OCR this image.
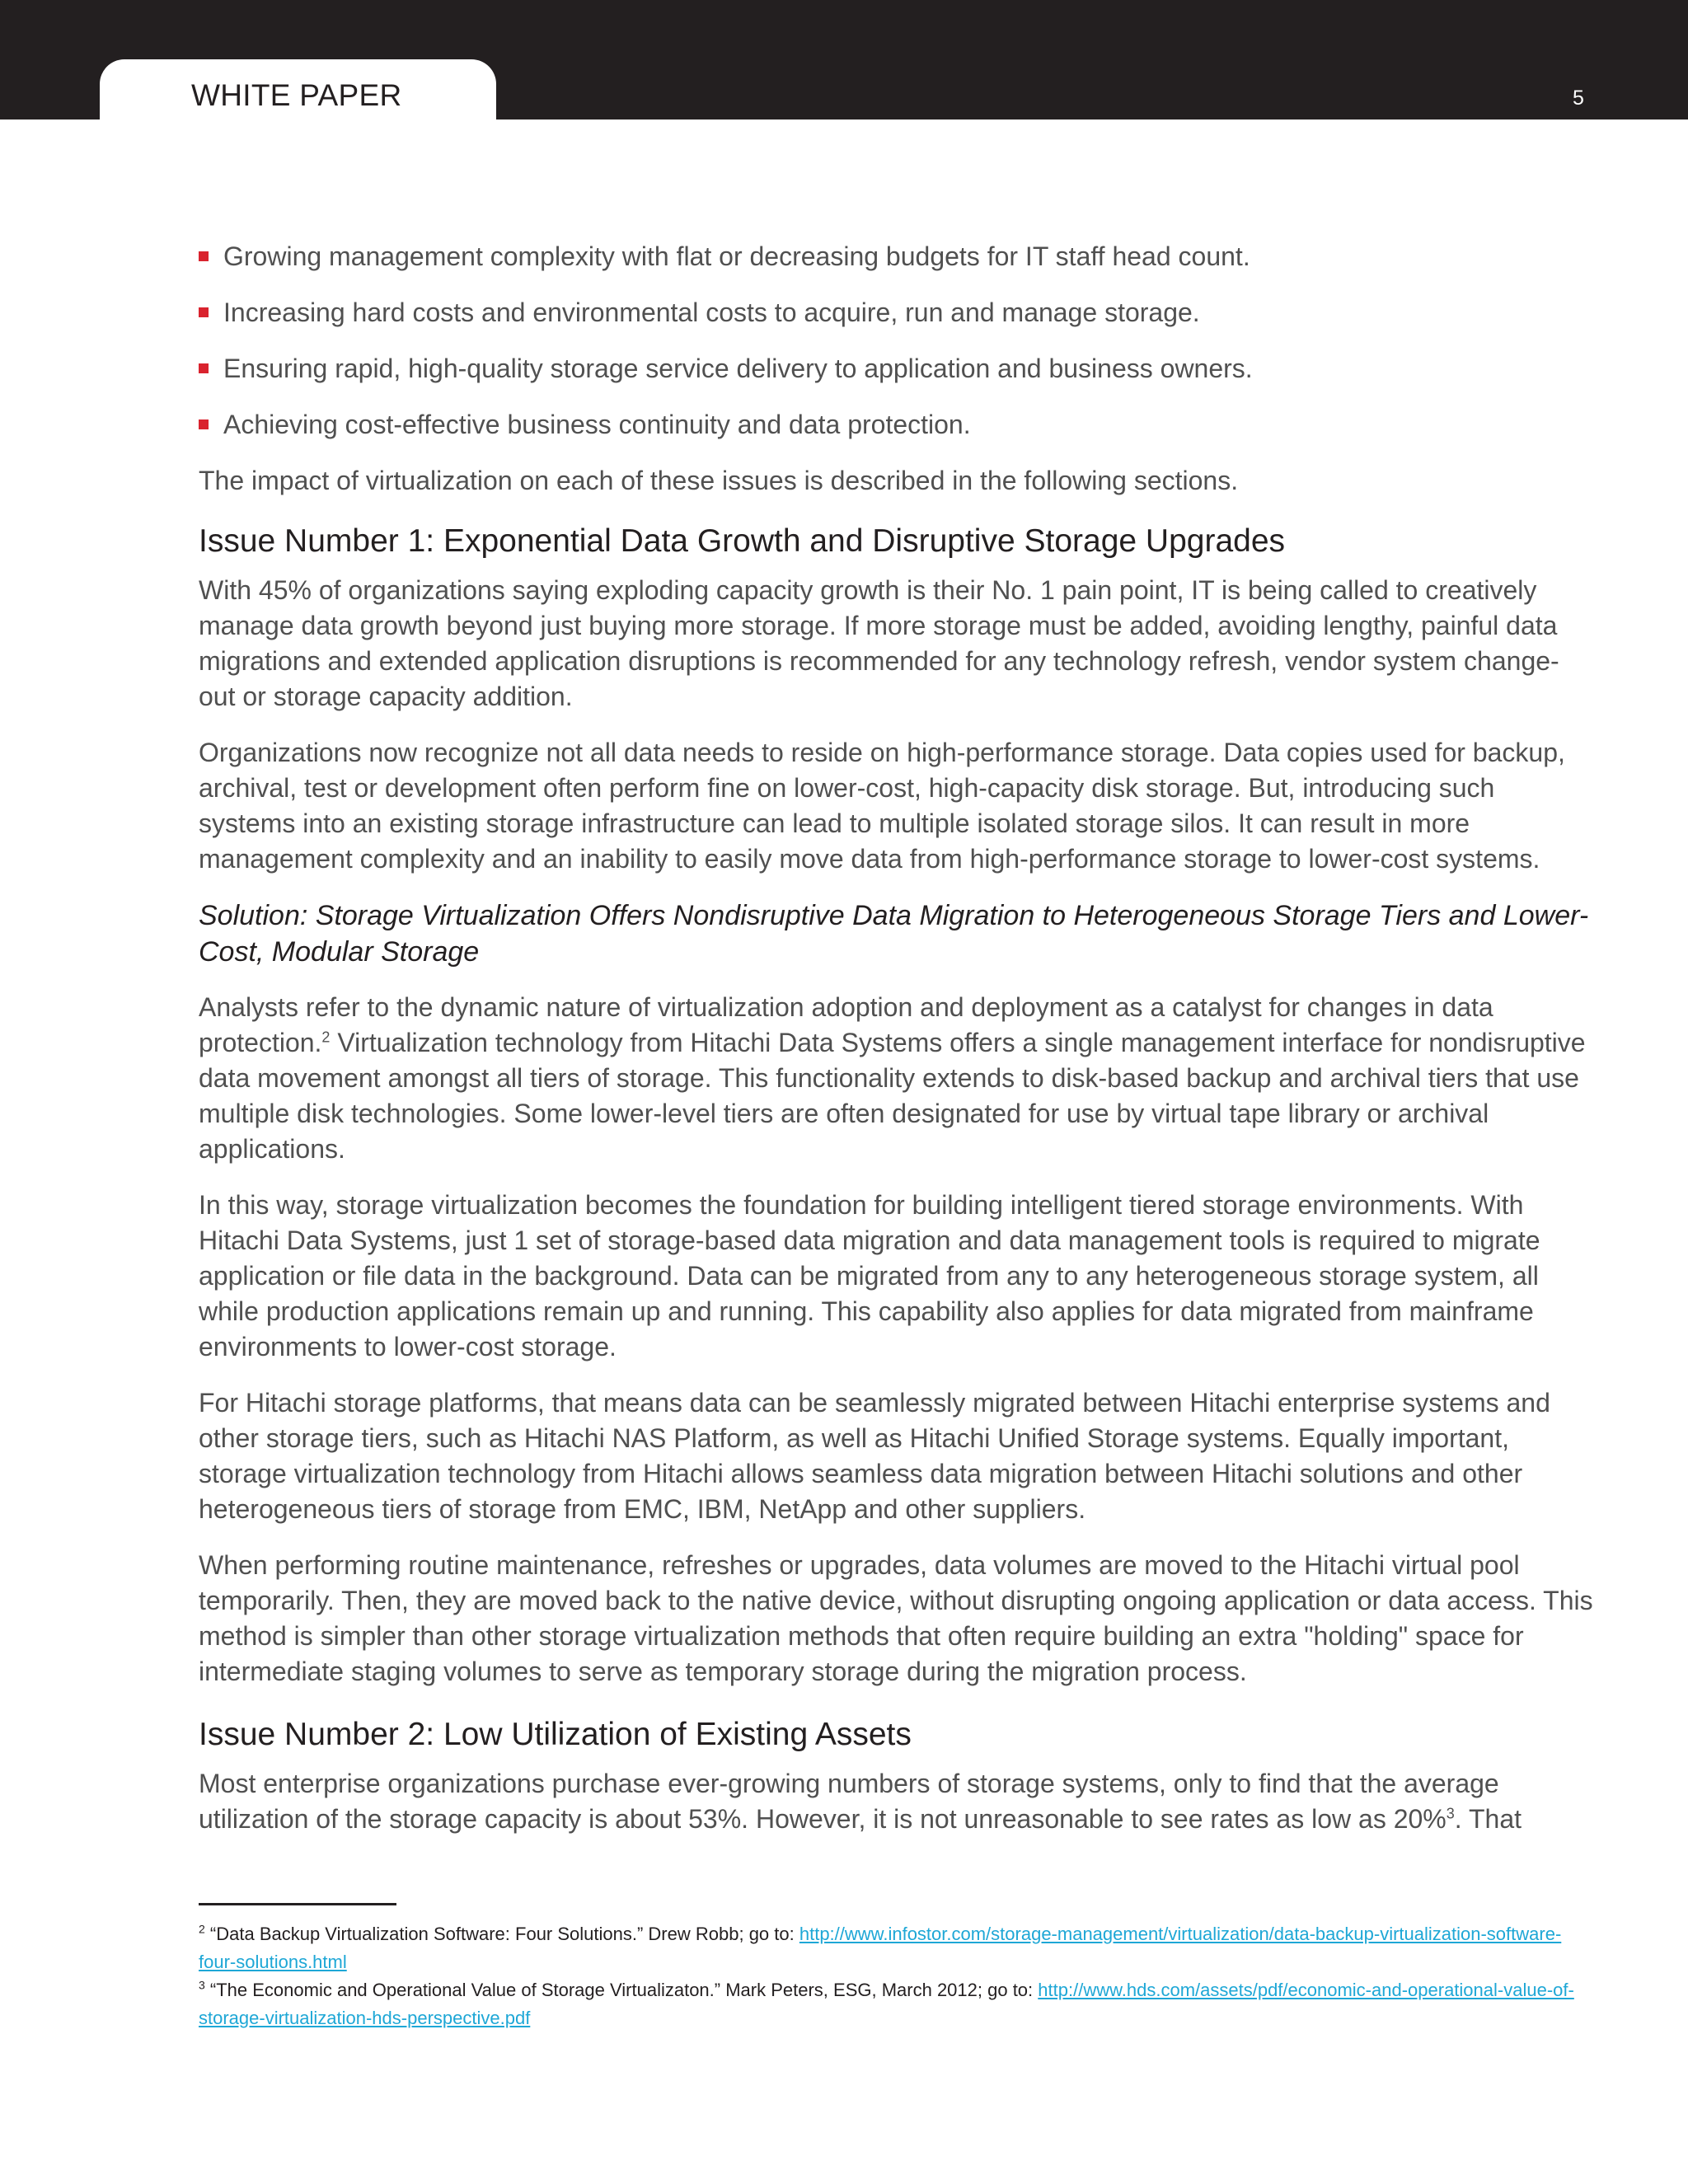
WHITE PAPER	5
Growing management complexity with flat or decreasing budgets for IT staff head count.
Increasing hard costs and environmental costs to acquire, run and manage storage.
Ensuring rapid, high-quality storage service delivery to application and business owners.
Achieving cost-effective business continuity and data protection.

The impact of virtualization on each of these issues is described in the following sections.

Issue Number 1: Exponential Data Growth and Disruptive Storage Upgrades

With 45% of organizations saying exploding capacity growth is their No. 1 pain point, IT is being called to creatively manage data growth beyond just buying more storage. If more storage must be added, avoiding lengthy, painful data migrations and extended application disruptions is recommended for any technology refresh, vendor system change-out or storage capacity addition.

Organizations now recognize not all data needs to reside on high-performance storage. Data copies used for backup, archival, test or development often perform fine on lower-cost, high-capacity disk storage. But, introducing such systems into an existing storage infrastructure can lead to multiple isolated storage silos. It can result in more management complexity and an inability to easily move data from high-performance storage to lower-cost systems.

Solution: Storage Virtualization Offers Nondisruptive Data Migration to Heterogeneous Storage Tiers and Lower-Cost, Modular Storage

Analysts refer to the dynamic nature of virtualization adoption and deployment as a catalyst for changes in data protection.$^2$ Virtualization technology from Hitachi Data Systems offers a single management interface for nondisruptive data movement amongst all tiers of storage. This functionality extends to disk-based backup and archival tiers that use multiple disk technologies. Some lower-level tiers are often designated for use by virtual tape library or archival applications.

In this way, storage virtualization becomes the foundation for building intelligent tiered storage environments. With Hitachi Data Systems, just 1 set of storage-based data migration and data management tools is required to migrate application or file data in the background. Data can be migrated from any to any heterogeneous storage system, all while production applications remain up and running. This capability also applies for data migrated from mainframe environments to lower-cost storage.

For Hitachi storage platforms, that means data can be seamlessly migrated between Hitachi enterprise systems and other storage tiers, such as Hitachi NAS Platform, as well as Hitachi Unified Storage systems. Equally important, storage virtualization technology from Hitachi allows seamless data migration between Hitachi solutions and other heterogeneous tiers of storage from EMC, IBM, NetApp and other suppliers.

When performing routine maintenance, refreshes or upgrades, data volumes are moved to the Hitachi virtual pool temporarily. Then, they are moved back to the native device, without disrupting ongoing application or data access. This method is simpler than other storage virtualization methods that often require building an extra "holding" space for intermediate staging volumes to serve as temporary storage during the migration process.

Issue Number 2: Low Utilization of Existing Assets

Most enterprise organizations purchase ever-growing numbers of storage systems, only to find that the average utilization of the storage capacity is about 53%. However, it is not unreasonable to see rates as low as 20%$^3$. That

$^2$ “Data Backup Virtualization Software: Four Solutions.” Drew Robb; go to: http://www.infostor.com/storage-management/virtualization/data-backup-virtualization-software-four-solutions.html

$^3$ “The Economic and Operational Value of Storage Virtualizaton.” Mark Peters, ESG, March 2012; go to: http://www.hds.com/assets/pdf/economic-and-operational-value-of-storage-virtualization-hds-perspective.pdf
